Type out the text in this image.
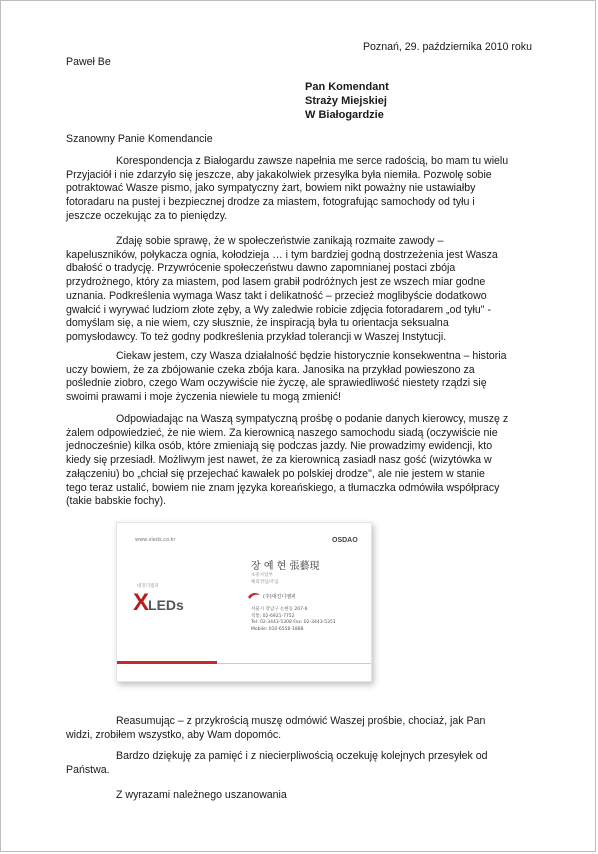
Poznań, 29. października 2010 roku
Paweł Be
Pan Komendant
Straży Miejskiej
W Białogardzie
Szanowny Panie Komendancie
Korespondencja z Białogardu zawsze napełnia me serce radością, bo mam tu wielu
Przyjaciół i nie zdarzyło się jeszcze, aby jakakolwiek przesyłka była niemiła. Pozwolę sobie
potraktować Wasze pismo, jako sympatyczny żart, bowiem nikt poważny nie ustawiałby
fotoradaru na pustej i bezpiecznej drodze za miastem, fotografując samochody od tyłu i
jeszcze oczekując za to pieniędzy.
Zdaję sobie sprawę, że w społeczeństwie zanikają rozmaite zawody –
kapeluszników, połykacza ognia, kołodzieja … i tym bardziej godną dostrzeżenia jest Wasza
dbałość o tradycję. Przywrócenie społeczeństwu dawno zapomnianej postaci zbója
przydrożnego, który za miastem, pod lasem grabił podróżnych jest ze wszech miar godne
uznania. Podkreślenia wymaga Wasz takt i delikatność – przecież moglibyście dodatkowo
gwałcić i wyrywać ludziom złote zęby, a Wy zaledwie robicie zdjęcia fotoradarem „od tyłu" -
domyślam się, a nie wiem, czy słusznie, że inspiracją była tu orientacja seksualna
pomysłodawcy. To też godny podkreślenia przykład tolerancji w Waszej Instytucji.
Ciekaw jestem, czy Wasza działalność będzie historycznie konsekwentna – historia
uczy bowiem, że za zbójowanie czeka zbója kara. Janosika na przykład powieszono za
poślednie ziobro, czego Wam oczywiście nie życzę, ale sprawiedliwość niestety rządzi się
swoimi prawami i moje życzenia niewiele tu mogą zmienić!
Odpowiadając na Waszą sympatyczną prośbę o podanie danych kierowcy, muszę z
żalem odpowiedzieć, że nie wiem. Za kierownicą naszego samochodu siadą (oczywiście nie
jednocześnie) kilka osób, które zmieniają się podczas jazdy. Nie prowadzimy ewidencji, kto
kiedy się przesiadł. Możliwym jest nawet, że za kierownicą zasiadł nasz gość (wizytówka w
załączeniu) bo „chciał się przejechać kawałek po polskiej drodze", ale nie jestem w stanie
tego teraz ustalić, bowiem nie znam języka koreańskiego, a tłumaczka odmówiła współpracy
(takie babskie fochy).
www.xleds.co.kr	OSDAO
대진디엠피
XLEDs
장 예 현 張藝現
초중사업부
해외영업/주임
(주)대진디엠피
서울시 강남구 논현동 207-6
직통: 02-6921-7752
Tel: 02-3443-5308 Fax: 02-3443-5351
Mobile: 010-6556-1888
Reasumując – z przykrością muszę odmówić Waszej prośbie, chociaż, jak Pan
widzi, zrobiłem wszystko, aby Wam dopomóc.
Bardzo dziękuję za pamięć i z niecierpliwością oczekuję kolejnych przesyłek od
Państwa.
Z wyrazami należnego uszanowania
